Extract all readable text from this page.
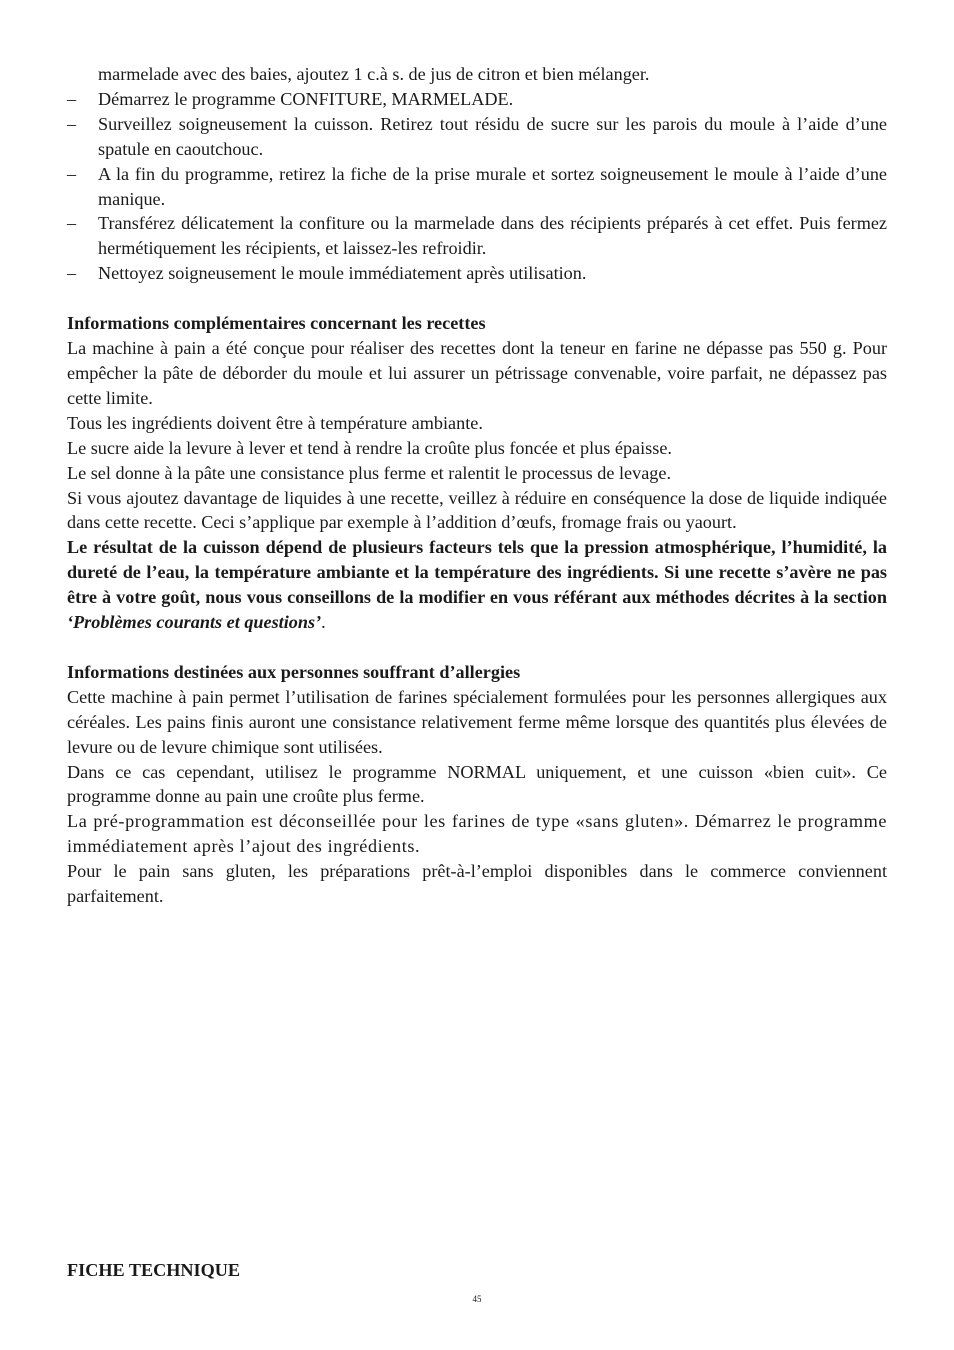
marmelade avec des baies, ajoutez 1 c.à s. de jus de citron et bien mélanger.

– Démarrez le programme CONFITURE, MARMELADE.
– Surveillez soigneusement la cuisson. Retirez tout résidu de sucre sur les parois du moule à l’aide d’une spatule en caoutchouc.
– A la fin du programme, retirez la fiche de la prise murale et sortez soigneusement le moule à l’aide d’une manique.
– Transférez délicatement la confiture ou la marmelade dans des récipients préparés à cet effet. Puis fermez hermétiquement les récipients, et laissez-les refroidir.
– Nettoyez soigneusement le moule immédiatement après utilisation.

Informations complémentaires concernant les recettes

La machine à pain a été conçue pour réaliser des recettes dont la teneur en farine ne dépasse pas 550 g. Pour empêcher la pâte de déborder du moule et lui assurer un pétrissage convenable, voire parfait, ne dépassez pas cette limite.

Tous les ingrédients doivent être à température ambiante.

Le sucre aide la levure à lever et tend à rendre la croûte plus foncée et plus épaisse.

Le sel donne à la pâte une consistance plus ferme et ralentit le processus de levage.

Si vous ajoutez davantage de liquides à une recette, veillez à réduire en conséquence la dose de liquide indiquée dans cette recette. Ceci s’applique par exemple à l’addition d’œufs, fromage frais ou yaourt.

Le résultat de la cuisson dépend de plusieurs facteurs tels que la pression atmosphérique, l’humidité, la dureté de l’eau, la température ambiante et la température des ingrédients. Si une recette s’avère ne pas être à votre goût, nous vous conseillons de la modifier en vous référant aux méthodes décrites à la section ‘Problèmes courants et questions’.

Informations destinées aux personnes souffrant d’allergies

Cette machine à pain permet l’utilisation de farines spécialement formulées pour les personnes allergiques aux céréales. Les pains finis auront une consistance relativement ferme même lorsque des quantités plus élevées de levure ou de levure chimique sont utilisées.

Dans ce cas cependant, utilisez le programme NORMAL uniquement, et une cuisson «bien cuit». Ce programme donne au pain une croûte plus ferme.

La pré-programmation est déconseillée pour les farines de type «sans gluten». Démarrez le programme immédiatement après l’ajout des ingrédients.

Pour le pain sans gluten, les préparations prêt-à-l’emploi disponibles dans le commerce conviennent parfaitement.

FICHE TECHNIQUE
45
